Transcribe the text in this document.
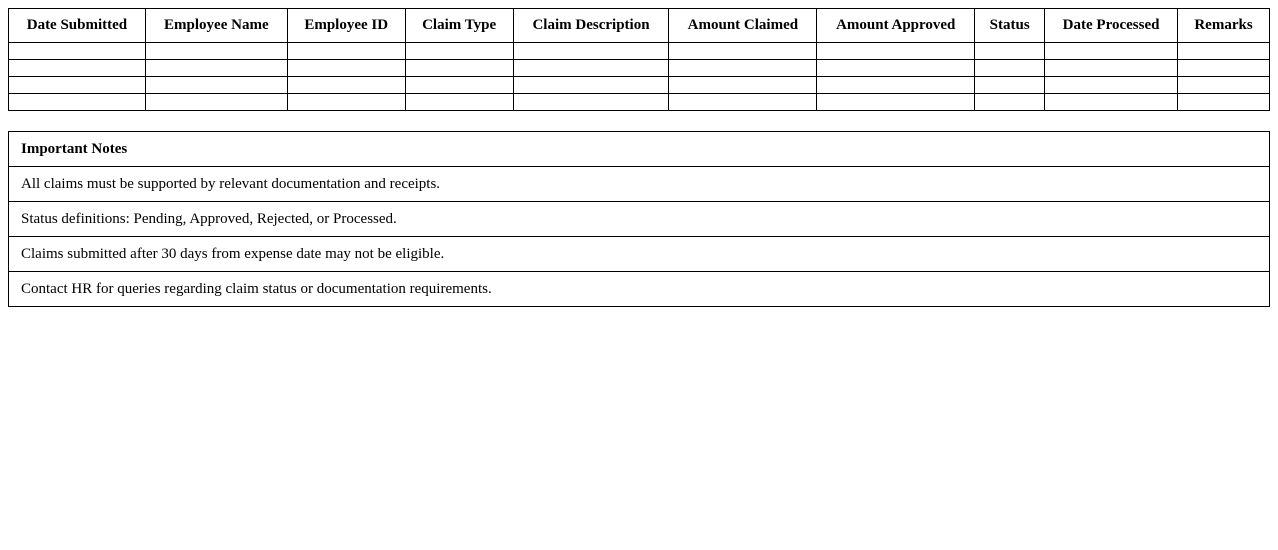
Date Submitted	Employee Name	Employee ID	Claim Type	Claim Description	Amount Claimed	Amount Approved	Status	Date Processed	Remarks

Important Notes
All claims must be supported by relevant documentation and receipts.
Status definitions: Pending, Approved, Rejected, or Processed.
Claims submitted after 30 days from expense date may not be eligible.
Contact HR for queries regarding claim status or documentation requirements.
